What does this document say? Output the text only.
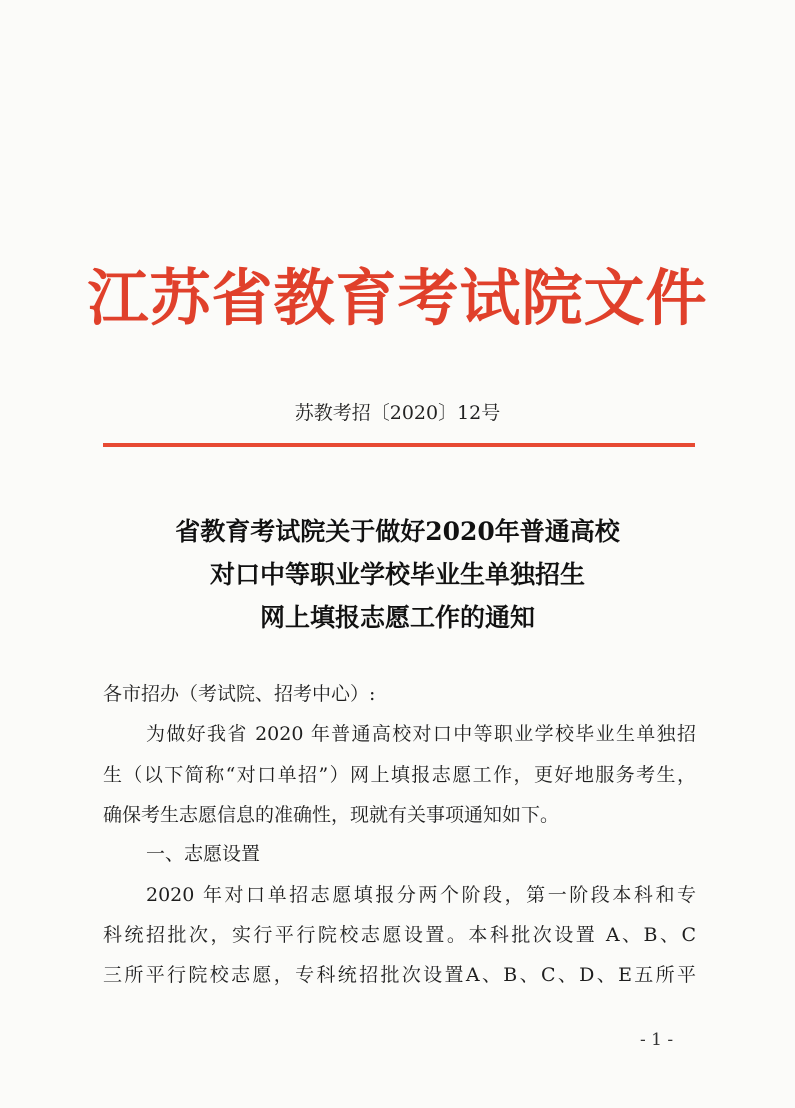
江苏省教育考试院文件
苏教考招〔2020〕12号
省教育考试院关于做好2020年普通高校
对口中等职业学校毕业生单独招生
网上填报志愿工作的通知
各市招办（考试院、招考中心）:
为做好我省 2020 年普通高校对口中等职业学校毕业生单独招
生（以下简称“对口单招”）网上填报志愿工作，更好地服务考生，
确保考生志愿信息的准确性，现就有关事项通知如下。
一、志愿设置
2020 年对口单招志愿填报分两个阶段，第一阶段本科和专
科统招批次，实行平行院校志愿设置。本科批次设置 A、B、C
三所平行院校志愿，专科统招批次设置A、B、C、D、E五所平
- 1 -
